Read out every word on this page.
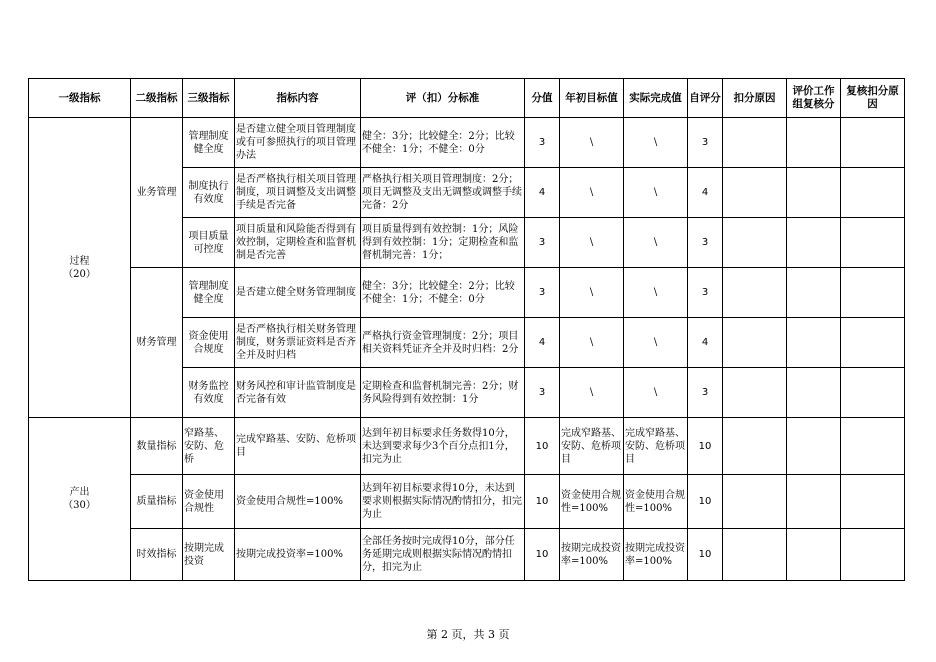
一级指标	二级指标	三级指标	指标内容	评（扣）分标准	分值	年初目标值	实际完成值	自评分	扣分原因	评价工作组复核分	复核扣分原因
过程
（20）	业务管理	管理制度健全度	是否建立健全项目管理制度或有可参照执行的项目管理办法	健全：3分；比较健全：2分；比较不健全：1分；不健全：0分	3	\	\	3			
		制度执行有效度	是否严格执行相关项目管理制度，项目调整及支出调整手续是否完备	严格执行相关项目管理制度：2分；项目无调整及支出无调整或调整手续完备：2分	4	\	\	4			
		项目质量可控度	项目质量和风险能否得到有效控制，定期检查和监督机制是否完善	项目质量得到有效控制：1分；风险得到有效控制：1分；定期检查和监督机制完善：1分；	3	\	\	3			
	财务管理	管理制度健全度	是否建立健全财务管理制度	健全：3分；比较健全：2分；比较不健全：1分；不健全：0分	3	\	\	3			
		资金使用合规度	是否严格执行相关财务管理制度，财务票证资料是否齐全并及时归档	严格执行资金管理制度：2分；项目相关资料凭证齐全并及时归档：2分	4	\	\	4			
		财务监控有效度	财务风控和审计监管制度是否完备有效	定期检查和监督机制完善：2分；财务风险得到有效控制：1分	3	\	\	3			
产出
（30）	数量指标	窄路基、安防、危桥	完成窄路基、安防、危桥项目	达到年初目标要求任务数得10分，未达到要求每少3个百分点扣1分，扣完为止	10	完成窄路基、安防、危桥项目	完成窄路基、安防、危桥项目	10			
	质量指标	资金使用合规性	资金使用合规性=100%	达到年初目标要求得10分，未达到要求则根据实际情况酌情扣分，扣完为止	10	资金使用合规性=100%	资金使用合规性=100%	10			
	时效指标	按期完成投资	按期完成投资率=100%	全部任务按时完成得10分，部分任务延期完成则根据实际情况酌情扣分，扣完为止	10	按期完成投资率=100%	按期完成投资率=100%	10			
第 2 页，共 3 页
